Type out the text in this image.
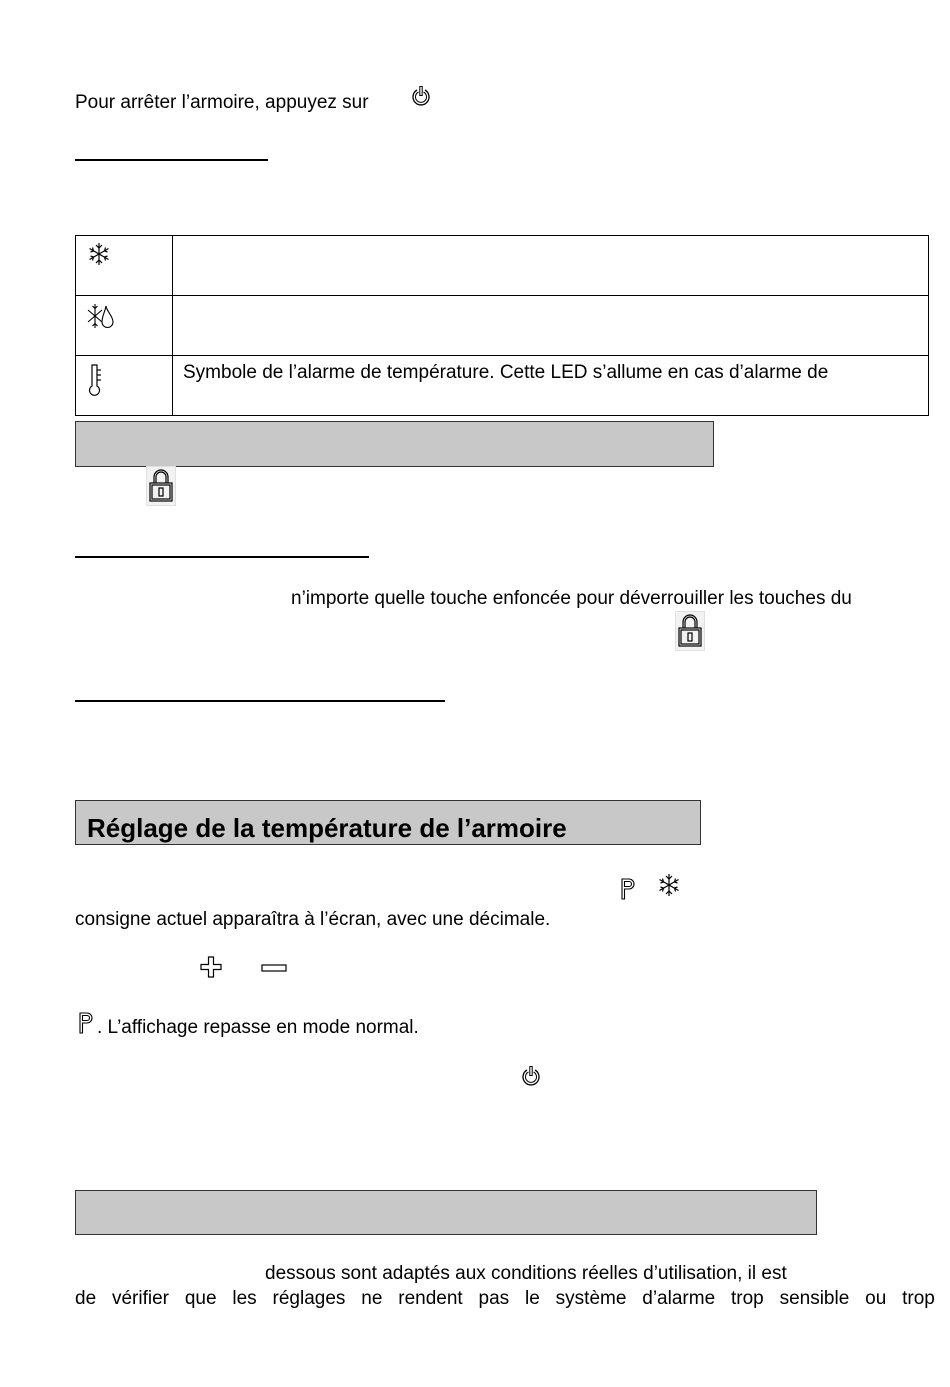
Pour arrêter l’armoire, appuyez sur

	Symbole de l’alarme de température. Cette LED s’allume en cas d’alarme de
n’importe quelle touche enfoncée pour déverrouiller les touches du
Réglage de la température de l’armoire
consigne actuel apparaîtra à l’écran, avec une décimale.
. L’affichage repasse en mode normal.
dessous sont adaptés aux conditions réelles d’utilisation, il est
de vérifier que les réglages ne rendent pas le système d’alarme trop sensible ou trop
